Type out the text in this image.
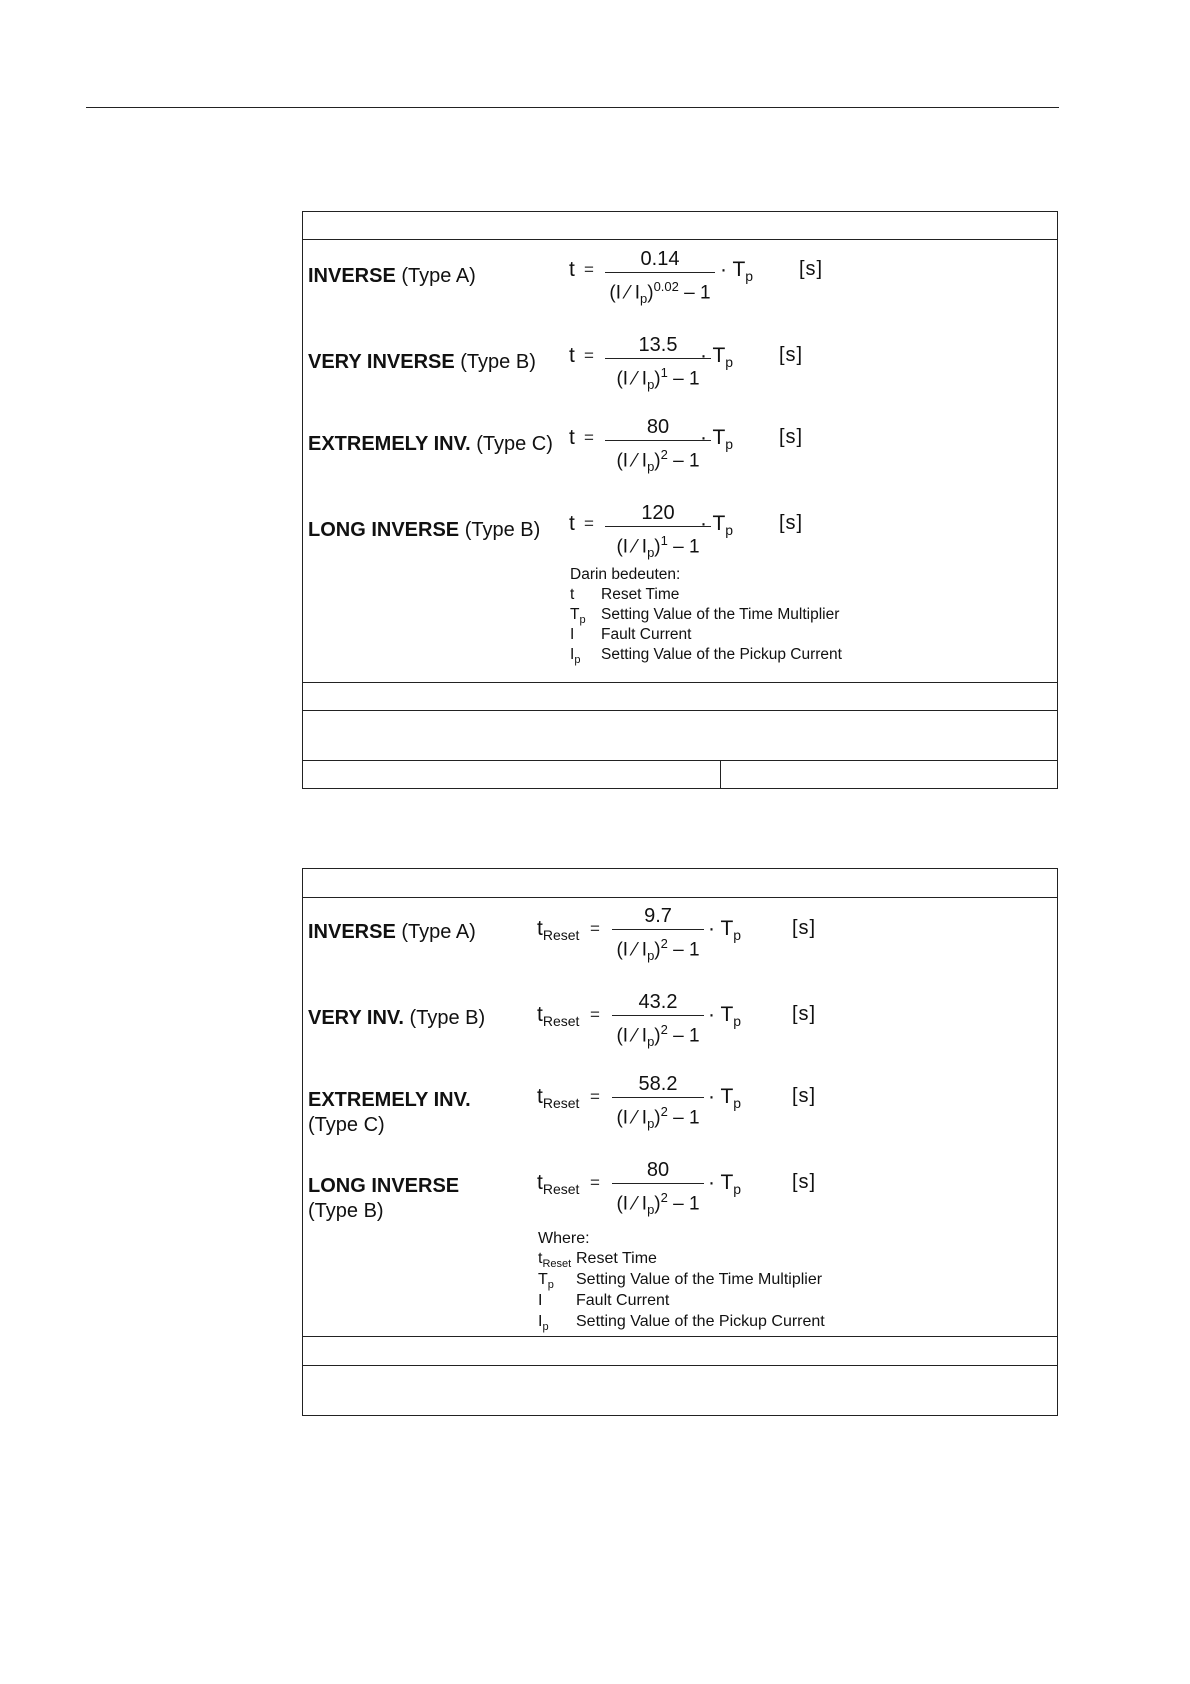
INVERSE (Type A)	t =	0.14
(I ⁄ $I_p)^{0.02} - 1$
· $T_p$ [s]
VERY INVERSE (Type B) t =	13.5
(I ⁄ $I_p)^1 - 1$
· $T_p$ [s]
EXTREMELY INV. (Type C) t =	80
(I ⁄ $I_p)^2 - 1$
· $T_p$ [s]
LONG INVERSE (Type B) t =	120
(I ⁄ $I_p)^1 - 1$
· $T_p$ [s]
Darin bedeuten:
t Reset Time
$T_p$ Setting Value of the Time Multiplier
I Fault Current
$I_p$ Setting Value of the Pickup Current
INVERSE (Type A)	$t_{Reset}$ =
9.7
(I ⁄ $I_p)^2 - 1$
· $T_p$	[s]
VERY INV. (Type B) $t_{Reset}$ =
43.2
(I ⁄ $I_p)^2 - 1$
· $T_p$	[s]
EXTREMELY INV.
(Type C)
$t_{Reset}$ =
58.2
(I ⁄ $I_p)^2 - 1$
· $T_p$	[s]
LONG INVERSE
(Type B)
$t_{Reset}$ =
80
(I ⁄ $I_p)^2 - 1$
· $T_p$	[s]
Where:
$t_{Reset}$ Reset Time
$T_p$ Setting Value of the Time Multiplier
I Fault Current
$I_p$ Setting Value of the Pickup Current
